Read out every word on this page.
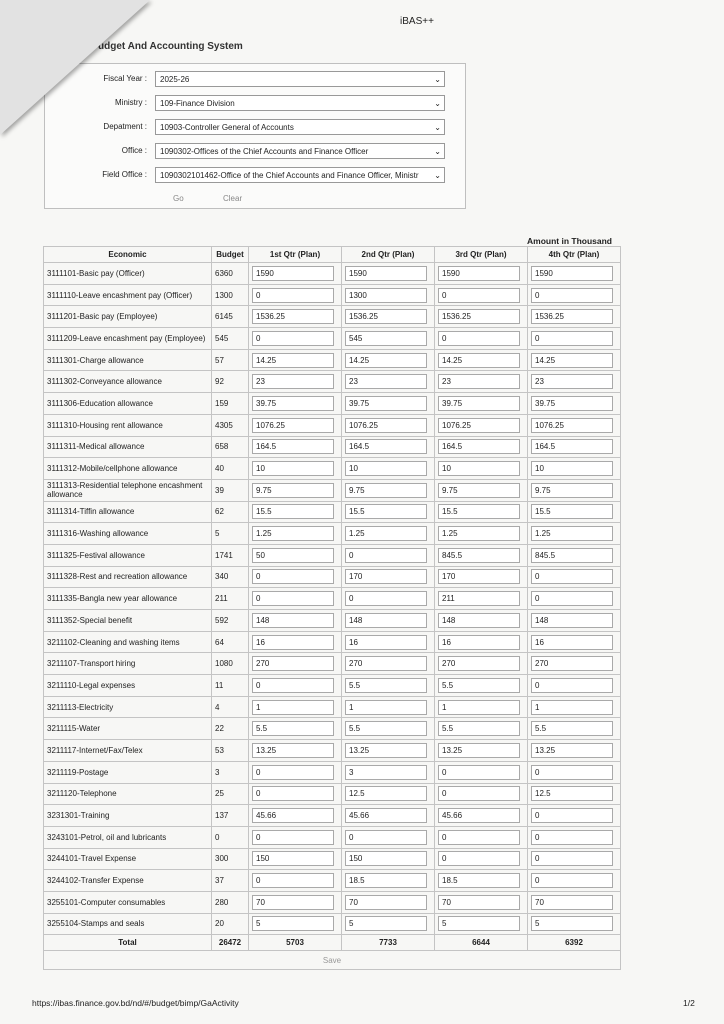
iBAS++
udget And Accounting System
Fiscal Year :	2025-26	⌄
Ministry :	109-Finance Division	⌄
Depatment :	10903-Controller General of Accounts	⌄
Office :	1090302-Offices of the Chief Accounts and Finance Officer	⌄
Field Office :	1090302101462-Office of the Chief Accounts and Finance Officer, Ministr ⌄
Go	Clear
Amount in Thousand
Economic	Budget	1st Qtr (Plan)	2nd Qtr (Plan)	3rd Qtr (Plan)	4th Qtr (Plan)
3111101-Basic pay (Officer)	6360	1590	1590	1590	1590

3111110-Leave encashment pay (Officer)	1300	0	1300	0	0

3111201-Basic pay (Employee)	6145	1536.25	1536.25	1536.25	1536.25

3111209-Leave encashment pay (Employee)	545	0	545	0	0

3111301-Charge allowance	57	14.25	14.25	14.25	14.25

3111302-Conveyance allowance	92	23	23	23	23

3111306-Education allowance	159	39.75	39.75	39.75	39.75

3111310-Housing rent allowance	4305	1076.25	1076.25	1076.25	1076.25

3111311-Medical allowance	658	164.5	164.5	164.5	164.5

3111312-Mobile/cellphone allowance	40	10	10	10	10

3111313-Residential telephone encashment allowance	39	9.75	9.75	9.75	9.75

3111314-Tiffin allowance	62	15.5	15.5	15.5	15.5

3111316-Washing allowance	5	1.25	1.25	1.25	1.25

3111325-Festival allowance	1741	50	0	845.5	845.5

3111328-Rest and recreation allowance	340	0	170	170	0

3111335-Bangla new year allowance	211	0	0	211	0

3111352-Special benefit	592	148	148	148	148

3211102-Cleaning and washing items	64	16	16	16	16

3211107-Transport hiring	1080	270	270	270	270

3211110-Legal expenses	11	0	5.5	5.5	0

3211113-Electricity	4	1	1	1	1

3211115-Water	22	5.5	5.5	5.5	5.5

3211117-Internet/Fax/Telex	53	13.25	13.25	13.25	13.25

3211119-Postage	3	0	3	0	0

3211120-Telephone	25	0	12.5	0	12.5

3231301-Training	137	45.66	45.66	45.66	0

3243101-Petrol, oil and lubricants	0	0	0	0	0

3244101-Travel Expense	300	150	150	0	0

3244102-Transfer Expense	37	0	18.5	18.5	0

3255101-Computer consumables	280	70	70	70	70

3255104-Stamps and seals	20	5	5	5	5

Total	26472	5703	7733	6644	6392
Save					
https://ibas.finance.gov.bd/nd/#/budget/bimp/GaActivity	1/2
